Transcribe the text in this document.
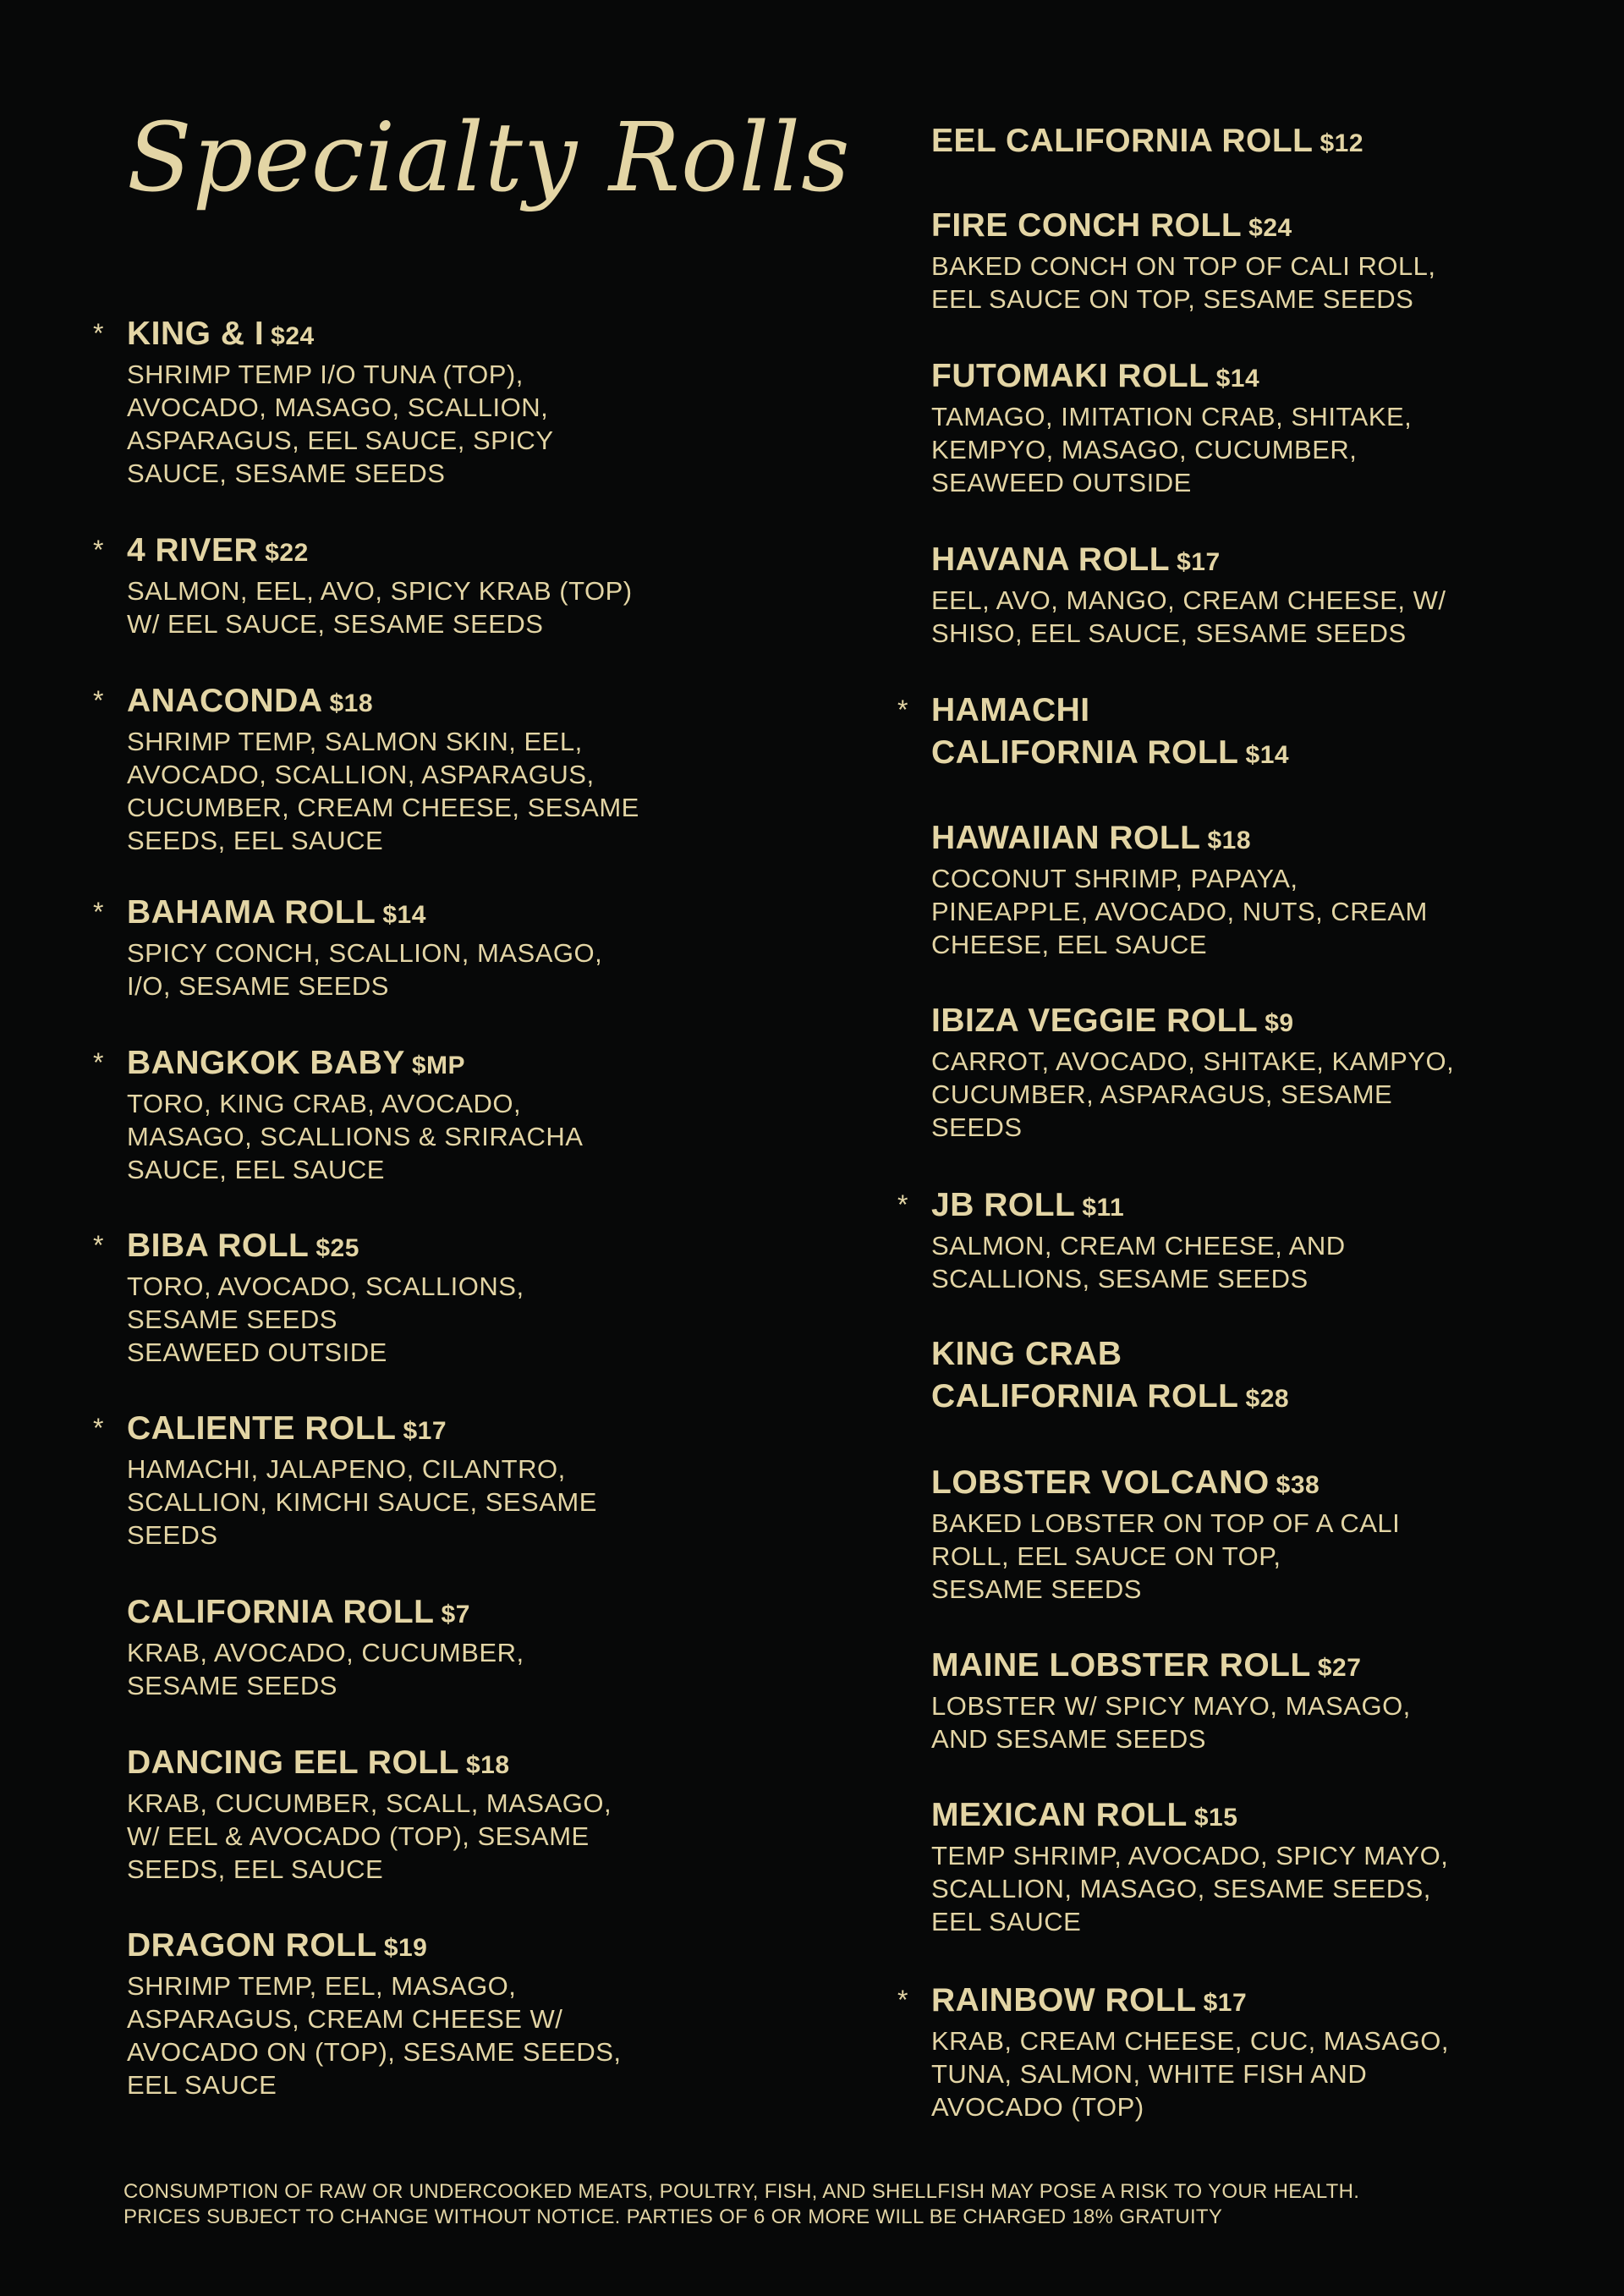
Specialty Rolls
* KING & I $24
SHRIMP TEMP I/O TUNA (TOP),
AVOCADO, MASAGO, SCALLION,
ASPARAGUS, EEL SAUCE, SPICY
SAUCE, SESAME SEEDS
* 4 RIVER $22
SALMON, EEL, AVO, SPICY KRAB (TOP)
W/ EEL SAUCE, SESAME SEEDS
* ANACONDA $18
SHRIMP TEMP, SALMON SKIN, EEL,
AVOCADO, SCALLION, ASPARAGUS,
CUCUMBER, CREAM CHEESE, SESAME
SEEDS, EEL SAUCE
* BAHAMA ROLL $14
SPICY CONCH, SCALLION, MASAGO,
I/O, SESAME SEEDS
* BANGKOK BABY $MP
TORO, KING CRAB, AVOCADO,
MASAGO, SCALLIONS & SRIRACHA
SAUCE, EEL SAUCE
* BIBA ROLL $25
TORO, AVOCADO, SCALLIONS,
SESAME SEEDS
SEAWEED OUTSIDE
* CALIENTE ROLL $17
HAMACHI, JALAPENO, CILANTRO,
SCALLION, KIMCHI SAUCE, SESAME
SEEDS
CALIFORNIA ROLL $7
KRAB, AVOCADO, CUCUMBER,
SESAME SEEDS
DANCING EEL ROLL $18
KRAB, CUCUMBER, SCALL, MASAGO,
W/ EEL & AVOCADO (TOP), SESAME
SEEDS, EEL SAUCE
DRAGON ROLL $19
SHRIMP TEMP, EEL, MASAGO,
ASPARAGUS, CREAM CHEESE W/
AVOCADO ON (TOP), SESAME SEEDS,
EEL SAUCE
EEL CALIFORNIA ROLL $12
FIRE CONCH ROLL $24
BAKED CONCH ON TOP OF CALI ROLL,
EEL SAUCE ON TOP, SESAME SEEDS
FUTOMAKI ROLL $14
TAMAGO, IMITATION CRAB, SHITAKE,
KEMPYO, MASAGO, CUCUMBER,
SEAWEED OUTSIDE
HAVANA ROLL $17
EEL, AVO, MANGO, CREAM CHEESE, W/
SHISO, EEL SAUCE, SESAME SEEDS
* HAMACHI
CALIFORNIA ROLL $14
HAWAIIAN ROLL $18
COCONUT SHRIMP, PAPAYA,
PINEAPPLE, AVOCADO, NUTS, CREAM
CHEESE, EEL SAUCE
IBIZA VEGGIE ROLL $9
CARROT, AVOCADO, SHITAKE, KAMPYO,
CUCUMBER, ASPARAGUS, SESAME
SEEDS
* JB ROLL $11
SALMON, CREAM CHEESE, AND
SCALLIONS, SESAME SEEDS
KING CRAB
CALIFORNIA ROLL $28
LOBSTER VOLCANO $38
BAKED LOBSTER ON TOP OF A CALI
ROLL, EEL SAUCE ON TOP,
SESAME SEEDS
MAINE LOBSTER ROLL $27
LOBSTER W/ SPICY MAYO, MASAGO,
AND SESAME SEEDS
MEXICAN ROLL $15
TEMP SHRIMP, AVOCADO, SPICY MAYO,
SCALLION, MASAGO, SESAME SEEDS,
EEL SAUCE
* RAINBOW ROLL $17
KRAB, CREAM CHEESE, CUC, MASAGO,
TUNA, SALMON, WHITE FISH AND
AVOCADO (TOP)
CONSUMPTION OF RAW OR UNDERCOOKED MEATS, POULTRY, FISH, AND SHELLFISH MAY POSE A RISK TO YOUR HEALTH.
PRICES SUBJECT TO CHANGE WITHOUT NOTICE. PARTIES OF 6 OR MORE WILL BE CHARGED 18% GRATUITY
